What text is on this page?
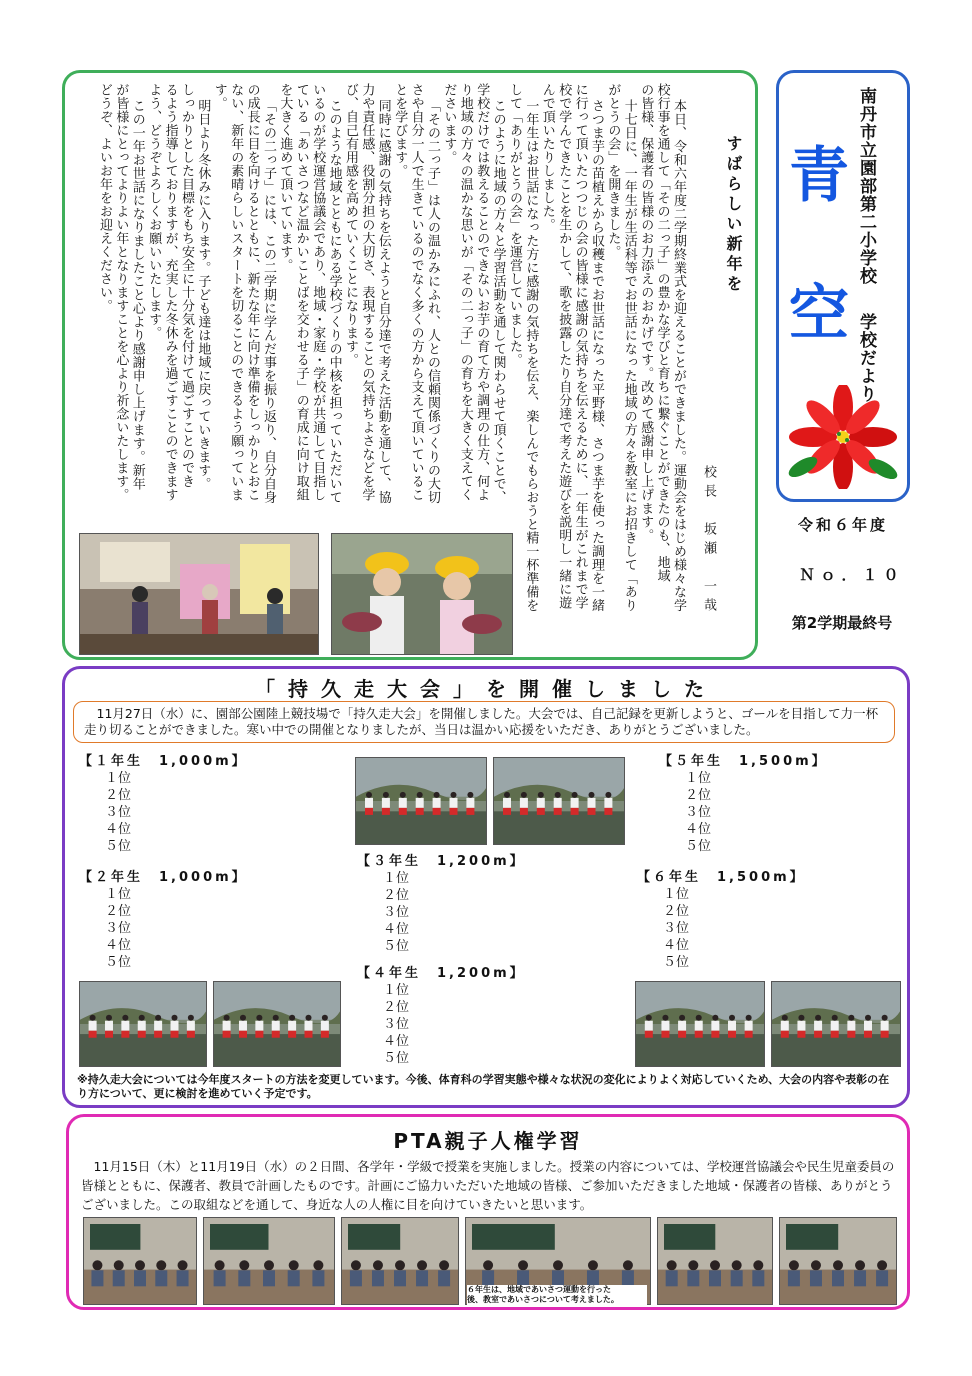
すばらしい新年を
校長　坂瀬　一哉
本日、令和六年度二学期終業式を迎えることができました。運動会をはじめ様々な学
校行事を通して「その二っ子」の豊かな学びと育ちに繋ぐことができたのも、地域
の皆様、保護者の皆様のお力添えのおかげです。改めて感謝申し上げます。
十七日に、一年生が生活科等でお世話になった地域の方々を教室にお招きして「あり
がとうの会」を開きました。
さつま芋の苗植えから収穫までお世話になった平野様、さつま芋を使った調理を一緒
に行って頂いたつつじの会の皆様に感謝の気持ちを伝えるために、一年生がこれまで学
校で学んできたことを生かして、歌を披露したり自分達で考えた遊びを説明し一緒に遊
んで頂いたりしました。
一年生はお世話になった方に感謝の気持ちを伝え、楽しんでもらおうと精一杯準備を
して「ありがとうの会」を運営していました。
このように地域の方々と学習活動を通して関わらせて頂くことで、
学校だけでは教えることのできないお芋の育て方や調理の仕方、何よ
り地域の方々の温かな思いが「その二っ子」の育ちを大きく支えてく
ださいます。
「その二っ子」は人の温かみにふれ、人との信頼関係づくりの大切
さや自分一人で生きているのでなく多くの方から支えて頂いているこ
とを学びます。
同時に感謝の気持ちを伝えようと自分達で考えた活動を通して、協
力や責任感、役割分担の大切さ、表現することの気持ちよさなどを学
び、自己有用感を高めていくことになります。
このような地域とともにある学校づくりの中核を担っていただいて
いるのが学校運営協議会であり、地域・家庭・学校が共通して目指し
ている「あいさつなど温かいことばを交わせる子」の育成に向け取組
を大きく進めて頂いています。
「その二っ子」には、この二学期に学んだ事を振り返り、自分自身
の成長に目を向けるとともに、新たな年に向け準備をしっかりとおこ
ない、新年の素晴らしいスタートを切ることのできるよう願っていま
す。
明日より冬休みに入ります。子ども達は地域に戻っていきます。
しっかりとした目標をもち安全に十分気を付けて過ごすことのでき
るよう指導しておりますが、充実した冬休みを過ごすことのできます
よう、どうぞよろしくお願いいたします。
この一年お世話になりましたこと心より感謝申し上げます。新年
が皆様にとってよりよい年となりますことを心より祈念いたします。
どうぞ、よいお年をお迎えください。	南丹市立園部第二小学校
学校だより
青
空
令和６年度
Ｎｏ．１０
第2学期最終号
「持久走大会」を開催しました
　11月27日（水）に、園部公園陸上競技場で「持久走大会」を開催しました。大会では、自己記録を更新しようと、ゴールを目指して力一杯走り切ることができました。寒い中での開催となりましたが、当日は温かい応援をいただき、ありがとうございました。
【１年生　1,000m】
１位
２位
３位
４位
５位
【２年生　1,000m】
１位
２位
３位
４位
５位
【３年生　1,200m】
１位
２位
３位
４位
５位
【４年生　1,200m】
１位
２位
３位
４位
５位
【５年生　1,500m】
１位
２位
３位
４位
５位
【６年生　1,500m】
１位
２位
３位
４位
５位
※持久走大会については今年度スタートの方法を変更しています。今後、体育科の学習実態や様々な状況の変化によりよく対応していくため、大会の内容や表彰の在り方について、更に検討を進めていく予定です。
PTA親子人権学習
11月15日（木）と11月19日（水）の２日間、各学年・学級で授業を実施しました。授業の内容については、学校運営協議会や民生児童委員の皆様とともに、保護者、教員で計画したものです。計画にご協力いただいた地域の皆様、ご参加いただきました地域・保護者の皆様、ありがとうございました。この取組などを通して、身近な人の人権に目を向けていきたいと思います。
６年生は、地域であいさつ運動を行った
後、教室であいさつについて考えました。
